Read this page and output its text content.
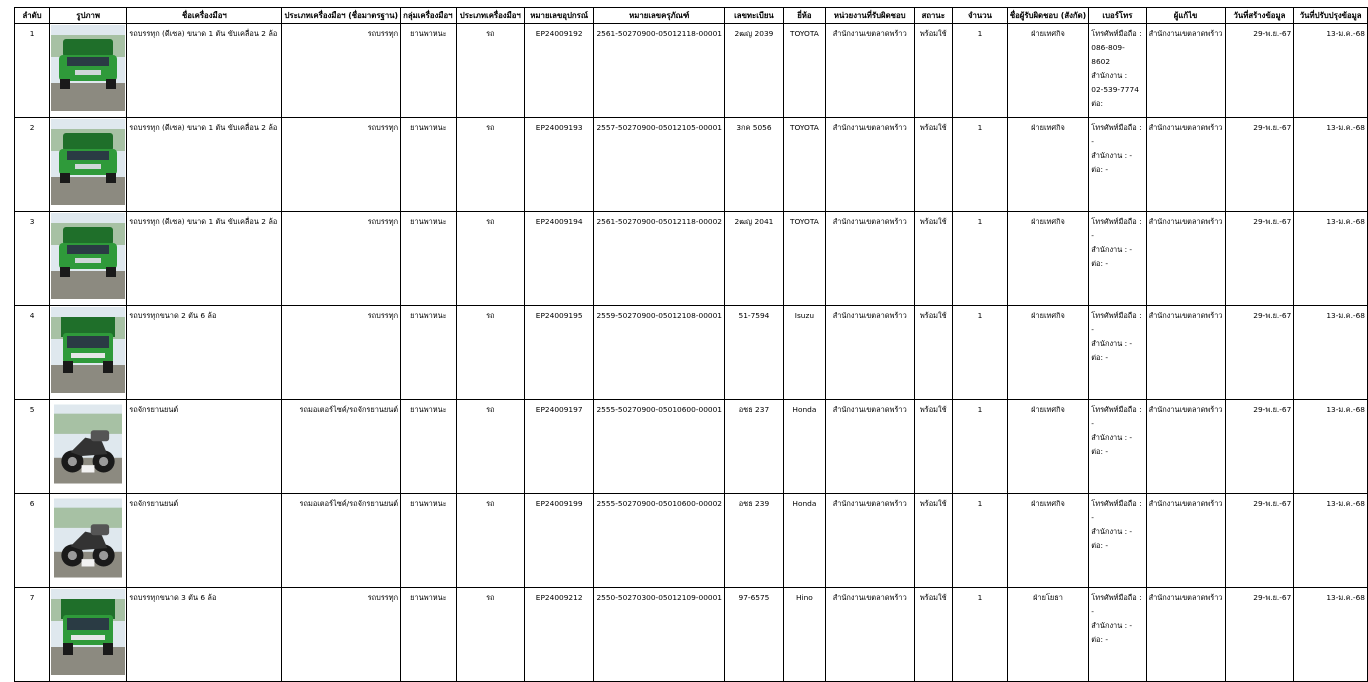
ลำดับ	รูปภาพ	ชื่อเครื่องมือฯ	ประเภทเครื่องมือฯ (ชื่อมาตรฐาน)	กลุ่มเครื่องมือฯ	ประเภทเครื่องมือฯ	หมายเลขอุปกรณ์	หมายเลขครุภัณฑ์	เลขทะเบียน	ยี่ห้อ	หน่วยงานที่รับผิดชอบ	สถานะ	จำนวน	ชื่อผู้รับผิดชอบ (สังกัด)	เบอร์โทร	ผู้แก้ไข	วันที่สร้างข้อมูล	วันที่ปรับปรุงข้อมูล
1		รถบรรทุก (ดีเซล) ขนาด 1 ตัน ขับเคลื่อน 2 ล้อ	รถบรรทุก	ยานพาหนะ	รถ	EP24009192	2561-50270900-05012118-00001	2ฒญ 2039	TOYOTA	สำนักงานเขตลาดพร้าว	พร้อมใช้	1	ฝ่ายเทศกิจ	โทรศัพท์มือถือ :
086-809-8602
สำนักงาน :
02-539-7774
ต่อ:	สำนักงานเขตลาดพร้าว	29-พ.ย.-67	13-ม.ค.-68
2		รถบรรทุก (ดีเซล) ขนาด 1 ตัน ขับเคลื่อน 2 ล้อ	รถบรรทุก	ยานพาหนะ	รถ	EP24009193	2557-50270900-05012105-00001	3กค 5056	TOYOTA	สำนักงานเขตลาดพร้าว	พร้อมใช้	1	ฝ่ายเทศกิจ	โทรศัพท์มือถือ :
-
สำนักงาน : -
ต่อ: -	สำนักงานเขตลาดพร้าว	29-พ.ย.-67	13-ม.ค.-68
3		รถบรรทุก (ดีเซล) ขนาด 1 ตัน ขับเคลื่อน 2 ล้อ	รถบรรทุก	ยานพาหนะ	รถ	EP24009194	2561-50270900-05012118-00002	2ฒญ 2041	TOYOTA	สำนักงานเขตลาดพร้าว	พร้อมใช้	1	ฝ่ายเทศกิจ	โทรศัพท์มือถือ :
-
สำนักงาน : -
ต่อ: -	สำนักงานเขตลาดพร้าว	29-พ.ย.-67	13-ม.ค.-68
4		รถบรรทุกขนาด 2 ตัน 6 ล้อ	รถบรรทุก	ยานพาหนะ	รถ	EP24009195	2559-50270900-05012108-00001	51-7594	Isuzu	สำนักงานเขตลาดพร้าว	พร้อมใช้	1	ฝ่ายเทศกิจ	โทรศัพท์มือถือ :
-
สำนักงาน : -
ต่อ: -	สำนักงานเขตลาดพร้าว	29-พ.ย.-67	13-ม.ค.-68
5		รถจักรยานยนต์	รถมอเตอร์ไซค์/รถจักรยานยนต์	ยานพาหนะ	รถ	EP24009197	2555-50270900-05010600-00001	อชธ 237	Honda	สำนักงานเขตลาดพร้าว	พร้อมใช้	1	ฝ่ายเทศกิจ	โทรศัพท์มือถือ :
-
สำนักงาน : -
ต่อ: -	สำนักงานเขตลาดพร้าว	29-พ.ย.-67	13-ม.ค.-68
6		รถจักรยานยนต์	รถมอเตอร์ไซค์/รถจักรยานยนต์	ยานพาหนะ	รถ	EP24009199	2555-50270900-05010600-00002	อชธ 239	Honda	สำนักงานเขตลาดพร้าว	พร้อมใช้	1	ฝ่ายเทศกิจ	โทรศัพท์มือถือ :
-
สำนักงาน : -
ต่อ: -	สำนักงานเขตลาดพร้าว	29-พ.ย.-67	13-ม.ค.-68
7		รถบรรทุกขนาด 3 ตัน 6 ล้อ	รถบรรทุก	ยานพาหนะ	รถ	EP24009212	2550-50270300-05012109-00001	97-6575	Hino	สำนักงานเขตลาดพร้าว	พร้อมใช้	1	ฝ่ายโยธา	โทรศัพท์มือถือ :
-
สำนักงาน : -
ต่อ: -	สำนักงานเขตลาดพร้าว	29-พ.ย.-67	13-ม.ค.-68
